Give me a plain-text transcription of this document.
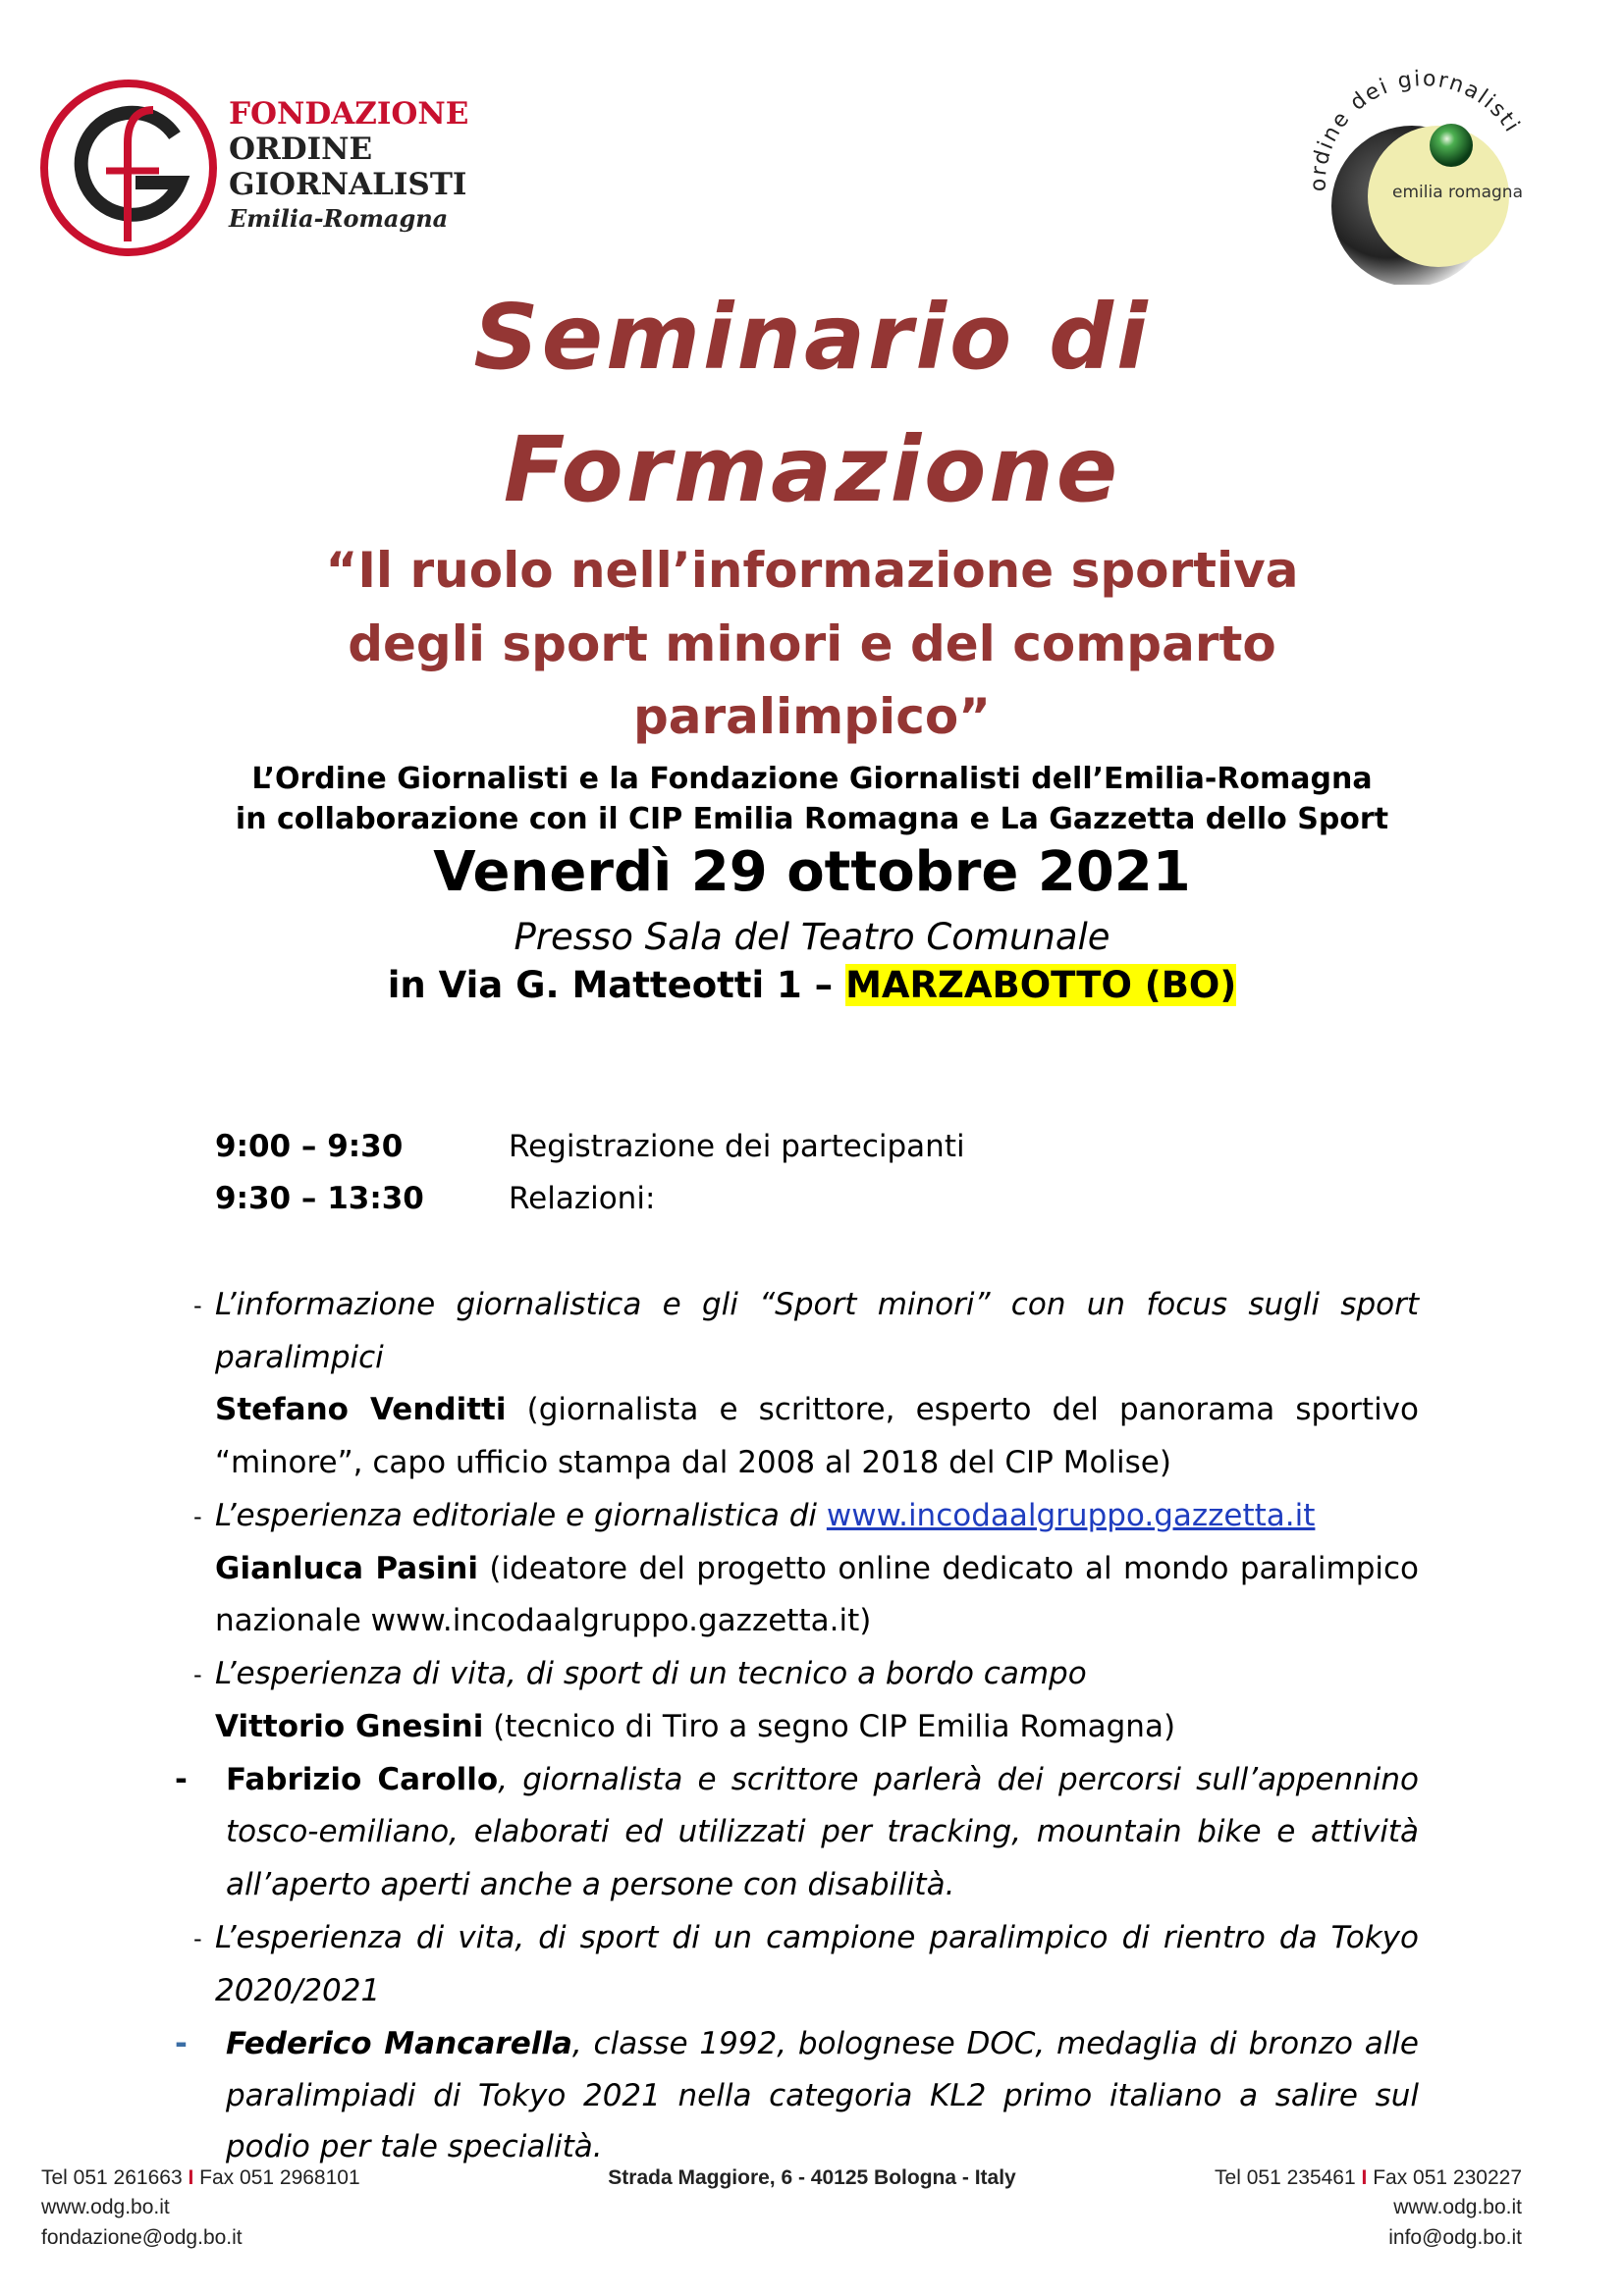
FONDAZIONE
ORDINE
GIORNALISTI
Emilia-Romagna
ordine dei giornalisti
emilia romagna
Seminario di
Formazione
“Il ruolo nell’informazione sportiva
degli sport minori e del comparto
paralimpico”
L’Ordine Giornalisti e la Fondazione Giornalisti dell’Emilia-Romagna
in collaborazione con il CIP Emilia Romagna e La Gazzetta dello Sport
Venerdì 29 ottobre 2021
Presso Sala del Teatro Comunale
in Via G. Matteotti 1 – MARZABOTTO (BO)
9:00 – 9:30	Registrazione dei partecipanti
9:30 – 13:30	Relazioni:
- L’informazione giornalistica e gli “Sport minori” con un focus sugli sport
paralimpici
Stefano Venditti (giornalista e scrittore, esperto del panorama sportivo
“minore”, capo ufficio stampa dal 2008 al 2018 del CIP Molise)
- L’esperienza editoriale e giornalistica di www.incodaalgruppo.gazzetta.it
Gianluca Pasini (ideatore del progetto online dedicato al mondo paralimpico
nazionale www.incodaalgruppo.gazzetta.it)
- L’esperienza di vita, di sport di un tecnico a bordo campo
Vittorio Gnesini (tecnico di Tiro a segno CIP Emilia Romagna)
- Fabrizio Carollo, giornalista e scrittore parlerà dei percorsi sull’appennino
tosco-emiliano, elaborati ed utilizzati per tracking, mountain bike e attività
all’aperto aperti anche a persone con disabilità.
- L’esperienza di vita, di sport di un campione paralimpico di rientro da Tokyo
2020/2021
- Federico Mancarella, classe 1992, bolognese DOC, medaglia di bronzo alle
paralimpiadi di Tokyo 2021 nella categoria KL2 primo italiano a salire sul
podio per tale specialità.
Tel 051 261663 I Fax 051 2968101
www.odg.bo.it
fondazione@odg.bo.it
Strada Maggiore, 6 - 40125 Bologna - Italy	Tel 051 235461 I Fax 051 230227
www.odg.bo.it
info@odg.bo.it
